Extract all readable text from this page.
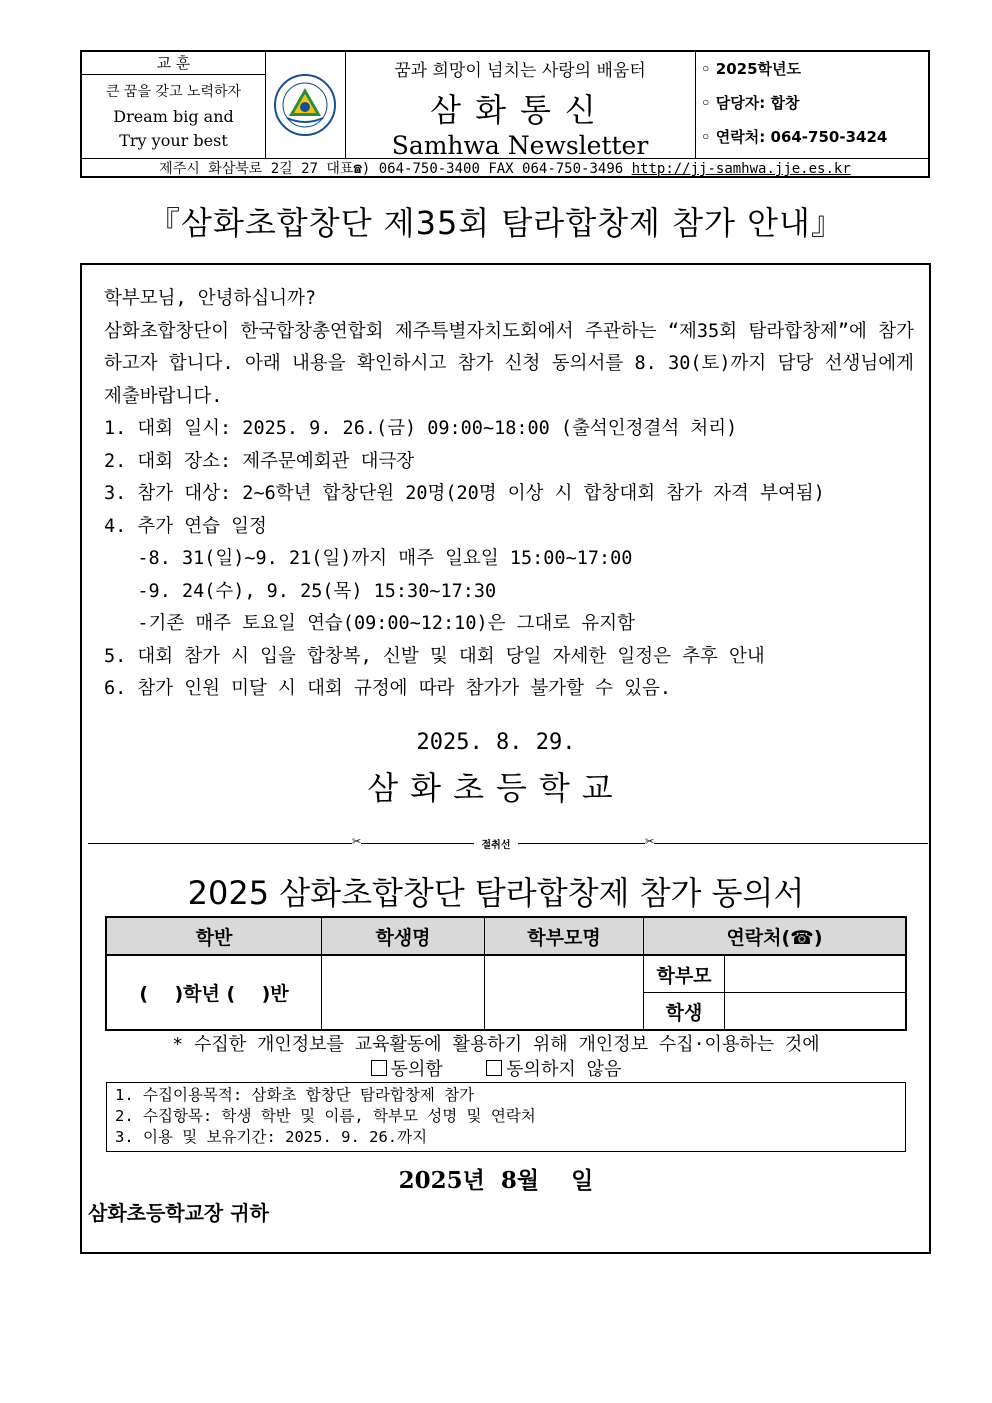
교 훈
큰 꿈을 갖고 노력하자
Dream big and
Try your best
꿈과 희망이 넘치는 사랑의 배움터
삼화통신
Samhwa Newsletter
◦ 2025학년도
◦ 담당자: 합창
◦ 연락처: 064-750-3424
제주시 화삼북로 2길 27 대표☎) 064-750-3400 FAX 064-750-3496 http://jj-samhwa.jje.es.kr
『삼화초합창단 제35회 탐라합창제 참가 안내』

학부모님, 안녕하십니까?

삼화초합창단이 한국합창총연합회 제주특별자치도회에서 주관하는 “제35회 탐라합창제”에 참가하고자 합니다. 아래 내용을 확인하시고 참가 신청 동의서를 8. 30(토)까지 담당 선생님에게 제출바랍니다.

1. 대회 일시: 2025. 9. 26.(금) 09:00~18:00 (출석인정결석 처리)

2. 대회 장소: 제주문예회관 대극장

3. 참가 대상: 2~6학년 합창단원 20명(20명 이상 시 합창대회 참가 자격 부여됨)

4. 추가 연습 일정

-8. 31(일)~9. 21(일)까지 매주 일요일 15:00~17:00

-9. 24(수), 9. 25(목) 15:30~17:30

-기존 매주 토요일 연습(09:00~12:10)은 그대로 유지함

5. 대회 참가 시 입을 합창복, 신발 및 대회 당일 자세한 일정은 추후 안내

6. 참가 인원 미달 시 대회 규정에 따라 참가가 불가할 수 있음.

2025. 8. 29.
삼화초등학교
절취선
✂	✂
2025 삼화초합창단 탐라합창제 참가 동의서
학반	학생명	학부모명	연락처(☎)	
(    )학년 (    )반			학부모	
			학생	
* 수집한 개인정보를 교육활동에 활용하기 위해 개인정보 수집·이용하는 것에
동의함	동의하지 않음
1. 수집이용목적: 삼화초 합창단 탐라합창제 참가
2. 수집항목: 학생 학반 및 이름, 학부모 성명 및 연락처
3. 이용 및 보유기간: 2025. 9. 26.까지
2025년  8월    일
삼화초등학교장 귀하
